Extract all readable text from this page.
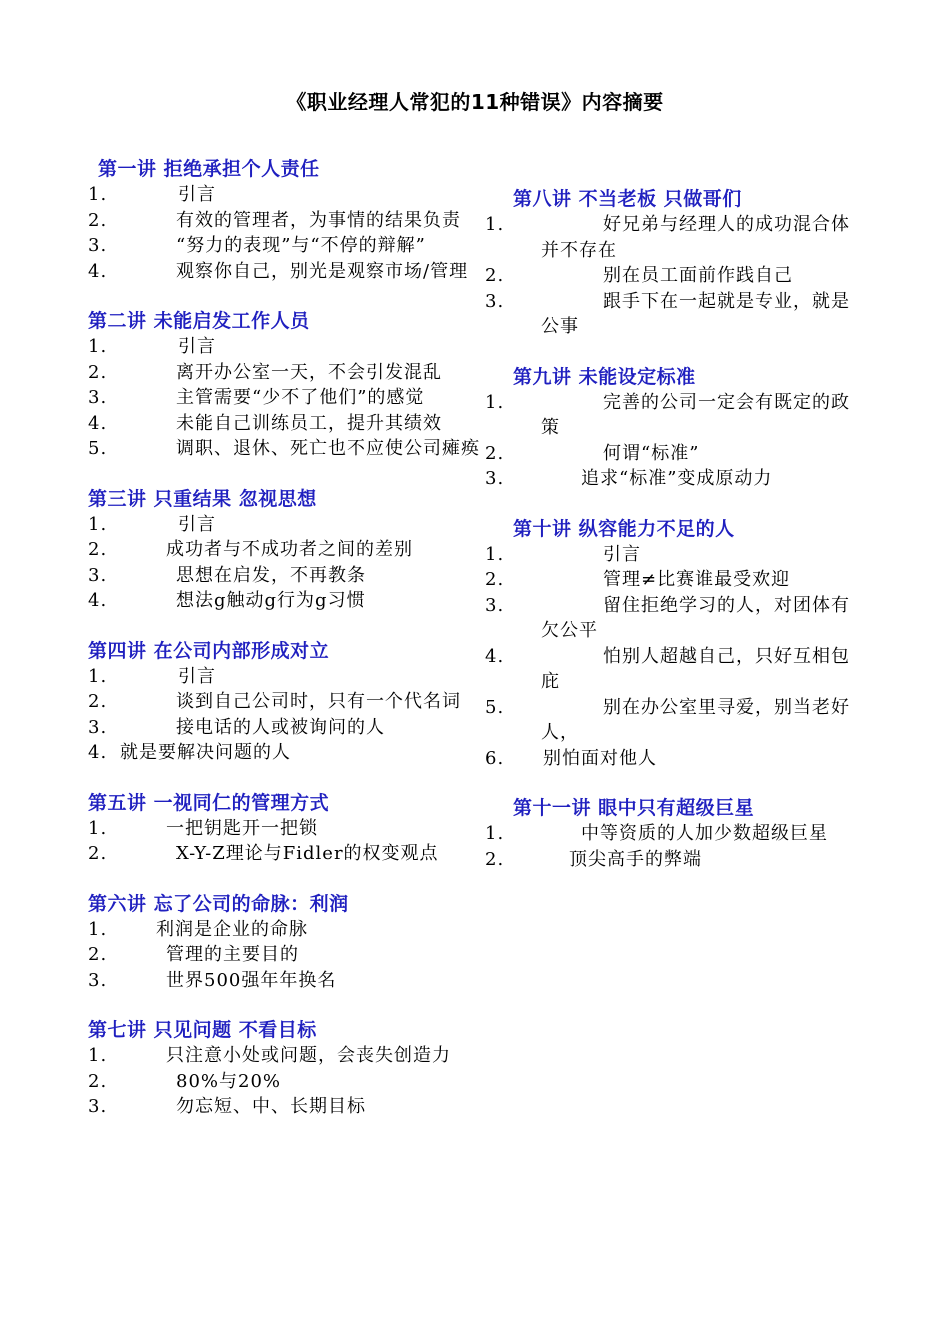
《职业经理人常犯的11种错误》内容摘要
第一讲 拒绝承担个人责任
1.	引言
2.	有效的管理者，为事情的结果负责
3.	“努力的表现”与“不停的辩解”
4.	观察你自己，别光是观察市场/管理
第二讲 未能启发工作人员
1.	引言
2.	离开办公室一天，不会引发混乱
3.	主管需要“少不了他们”的感觉
4.	未能自己训练员工，提升其绩效
5.	调职、退休、死亡也不应使公司瘫痪
第三讲 只重结果 忽视思想
1.	引言
2.	成功者与不成功者之间的差别
3.	思想在启发，不再教条
4.	想法g触动g行为g习惯
第四讲 在公司内部形成对立
1.	引言
2.	谈到自己公司时，只有一个代名词
3.	接电话的人或被询问的人
4. 就是要解决问题的人
第五讲 一视同仁的管理方式
1.	一把钥匙开一把锁
2.	X-Y-Z理论与Fidler的权变观点
第六讲 忘了公司的命脉：利润
1.	利润是企业的命脉
2.	管理的主要目的
3.	世界500强年年换名
第七讲 只见问题 不看目标
1.	只注意小处或问题，会丧失创造力
2.	80%与20%
3.	勿忘短、中、长期目标
第八讲 不当老板 只做哥们
1.	好兄弟与经理人的成功混合体并不存在
2.	别在员工面前作践自己
3.	跟手下在一起就是专业，就是公事
第九讲 未能设定标准
1.	完善的公司一定会有既定的政策
2.	何谓“标准”
3.	追求“标准”变成原动力
第十讲 纵容能力不足的人
1.	引言
2.	管理≠比赛谁最受欢迎
3.	留住拒绝学习的人，对团体有欠公平
4.	怕别人超越自己，只好互相包庇
5.	别在办公室里寻爱，别当老好人，
6. 别怕面对他人
第十一讲 眼中只有超级巨星
1.	中等资质的人加少数超级巨星
2.	顶尖高手的弊端
